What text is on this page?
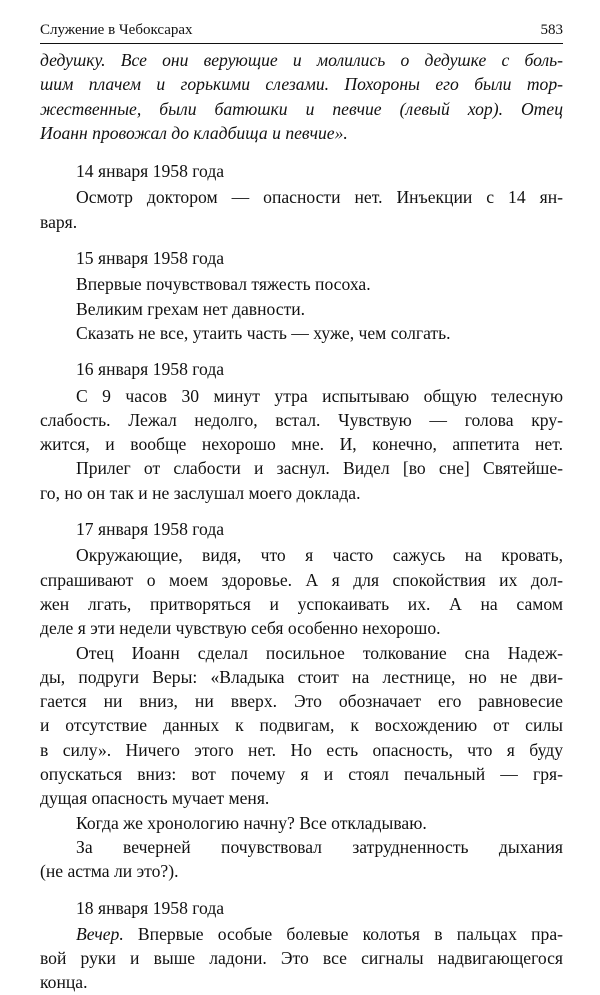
Служение в Чебоксарах	583
дедушку. Все они верующие и молились о дедушке с боль-
шим плачем и горькими слезами. Похороны его были тор-
жественные, были батюшки и певчие (левый хор). Отец
Иоанн провожал до кладбища и певчие».
14 января 1958 года
Осмотр доктором — опасности нет. Инъекции с 14 ян-
варя.
15 января 1958 года
Впервые почувствовал тяжесть посоха.
Великим грехам нет давности.
Сказать не все, утаить часть — хуже, чем солгать.
16 января 1958 года
С 9 часов 30 минут утра испытываю общую телесную
слабость. Лежал недолго, встал. Чувствую — голова кру-
жится, и вообще нехорошо мне. И, конечно, аппетита нет.
Прилег от слабости и заснул. Видел [во сне] Святейше-
го, но он так и не заслушал моего доклада.
17 января 1958 года
Окружающие, видя, что я часто сажусь на кровать,
спрашивают о моем здоровье. А я для спокойствия их дол-
жен лгать, притворяться и успокаивать их. А на самом
деле я эти недели чувствую себя особенно нехорошо.
Отец Иоанн сделал посильное толкование сна Надеж-
ды, подруги Веры: «Владыка стоит на лестнице, но не дви-
гается ни вниз, ни вверх. Это обозначает его равновесие
и отсутствие данных к подвигам, к восхождению от силы
в силу». Ничего этого нет. Но есть опасность, что я буду
опускаться вниз: вот почему я и стоял печальный — гря-
дущая опасность мучает меня.
Когда же хронологию начну? Все откладываю.
За вечерней почувствовал затрудненность дыхания
(не астма ли это?).
18 января 1958 года
Вечер. Впервые особые болевые колотья в пальцах пра-
вой руки и выше ладони. Это все сигналы надвигающегося
конца.
